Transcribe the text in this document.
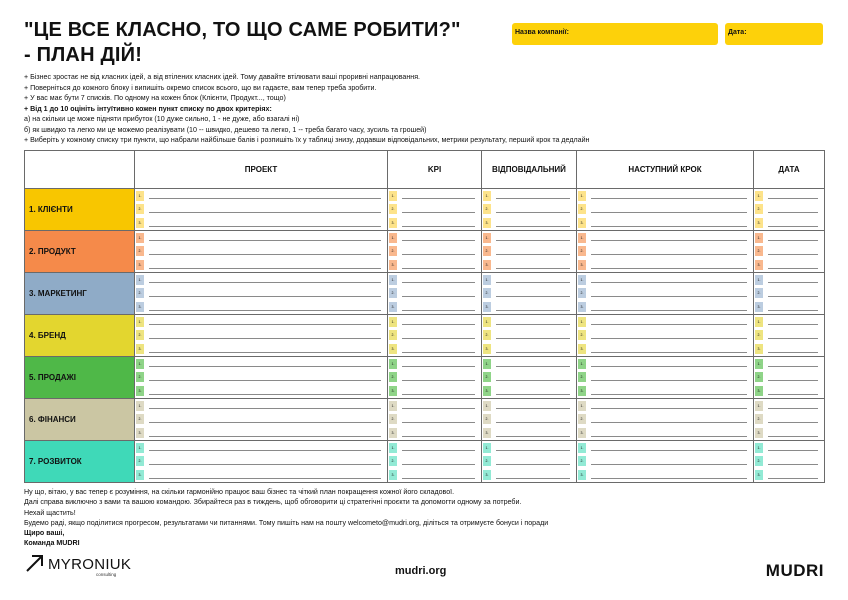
"ЦЕ ВСЕ КЛАСНО, ТО ЩО САМЕ РОБИТИ?"
- ПЛАН ДІЙ!
Назва компанії:	Дата:
+ Бізнес зростає не від класних ідей, а від втілених класних ідей. Тому давайте втілювати ваші проривні напрацювання.
+ Поверніться до кожного блоку і випишіть окремо список всього, що ви гадаєте, вам тепер треба зробити.
+ У вас має бути 7 списків. По одному на кожен блок (Клієнти, Продукт..., тощо)
+ Від 1 до 10 оцініть інтуїтивно кожен пункт списку по двох критеріях:
а) на скільки це може підняти прибуток (10 дуже сильно, 1 - не дуже, або взагалі ні)
б) як швидко та легко ми це можемо реалізувати (10 -- швидко, дешево та легко, 1 -- треба багато часу, зусиль та грошей)
+ Виберіть у кожному списку три пункти, що набрали найбільше балів і розпишіть їх у таблиці знизу, додавши відповідальних, метрики результату, перший крок та дедлайн
	ПРОЕКТ	KPI	ВІДПОВІДАЛЬНИЙ	НАСТУПНИЙ КРОК	ДАТА
1. КЛІЄНТИ	1.	1.	1.	1.	1.

	2.	2.	2.	2.	2.

	3.	3.	3.	3.	3.

2. ПРОДУКТ	1.	1.	1.	1.	1.

	2.	2.	2.	2.	2.

	3.	3.	3.	3.	3.

3. МАРКЕТИНГ	1.	1.	1.	1.	1.

	2.	2.	2.	2.	2.

	3.	3.	3.	3.	3.

4. БРЕНД	1.	1.	1.	1.	1.

	2.	2.	2.	2.	2.

	3.	3.	3.	3.	3.

5. ПРОДАЖІ	1.	1.	1.	1.	1.

	2.	2.	2.	2.	2.

	3.	3.	3.	3.	3.

6. ФІНАНСИ	1.	1.	1.	1.	1.

	2.	2.	2.	2.	2.

	3.	3.	3.	3.	3.

7. РОЗВИТОК	1.	1.	1.	1.	1.

	2.	2.	2.	2.	2.

	3.	3.	3.	3.	3.
Ну що, вітаю, у вас тепер є розуміння, на скільки гармонійно працює ваш бізнес та чіткий план покращення кожної його складової.
Далі справа виключно з вами та вашою командою. Збирайтеся раз в тиждень, щоб обговорити ці стратегічні проєкти та допомогти одному за потреби.
Нехай щастить!
Будемо раді, якщо поділитися прогресом, результатами чи питаннями. Тому пишіть нам на пошту welcometo@mudri.org, діліться та отримуєте бонуси і поради
Щиро ваші,
Команда MUDRI
MYRONIUK
consulting	mudri.org	MUDRI
